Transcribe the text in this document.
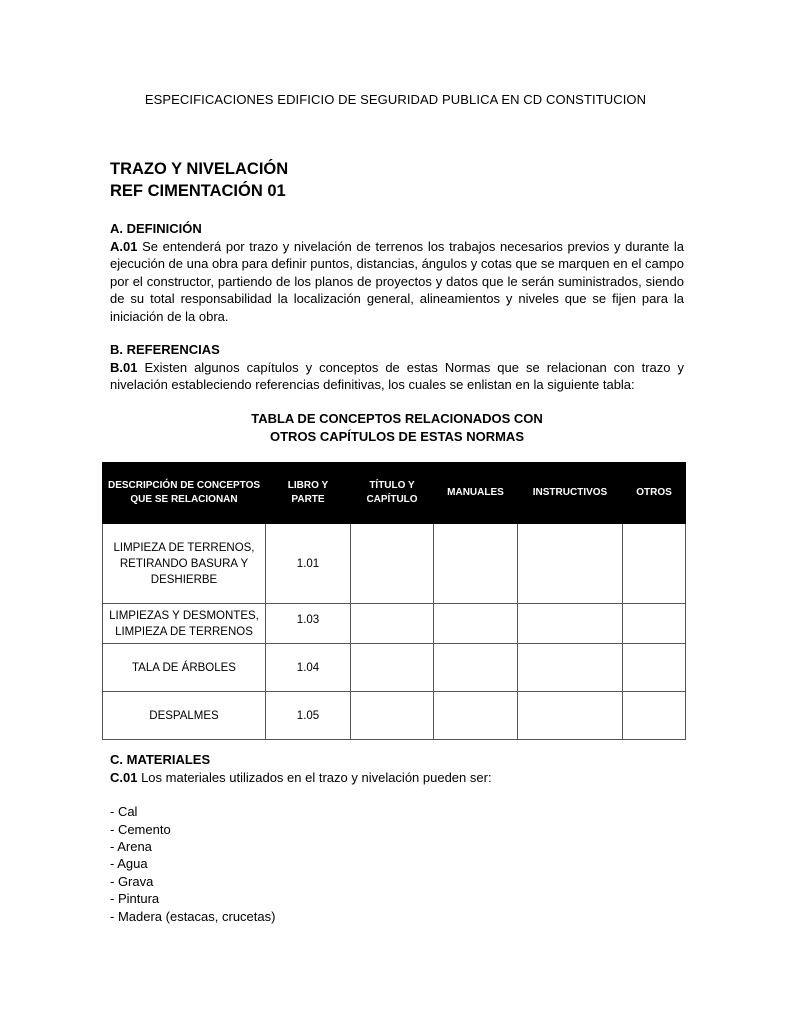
ESPECIFICACIONES EDIFICIO DE SEGURIDAD PUBLICA EN CD CONSTITUCION
TRAZO Y NIVELACIÓN
REF CIMENTACIÓN 01
A. DEFINICIÓN
A.01 Se entenderá por trazo y nivelación de terrenos los trabajos necesarios previos y durante la ejecución de una obra para definir puntos, distancias, ángulos y cotas que se marquen en el campo por el constructor, partiendo de los planos de proyectos y datos que le serán suministrados, siendo de su total responsabilidad la localización general, alineamientos y niveles que se fijen para la iniciación de la obra.
B. REFERENCIAS
B.01 Existen algunos capítulos y conceptos de estas Normas que se relacionan con trazo y nivelación estableciendo referencias definitivas, los cuales se enlistan en la siguiente tabla:
TABLA DE CONCEPTOS RELACIONADOS CON
OTROS CAPÍTULOS DE ESTAS NORMAS
DESCRIPCIÓN DE CONCEPTOS QUE SE RELACIONAN	LIBRO Y PARTE	TÍTULO Y CAPÍTULO	MANUALES	INSTRUCTIVOS	OTROS
LIMPIEZA DE TERRENOS, RETIRANDO BASURA Y DESHIERBE	1.01				
LIMPIEZAS Y DESMONTES, LIMPIEZA DE TERRENOS	1.03				
TALA DE ÁRBOLES	1.04				
DESPALMES	1.05				
C. MATERIALES
C.01 Los materiales utilizados en el trazo y nivelación pueden ser:
- Cal
- Cemento
- Arena
- Agua
- Grava
- Pintura
- Madera (estacas, crucetas)
